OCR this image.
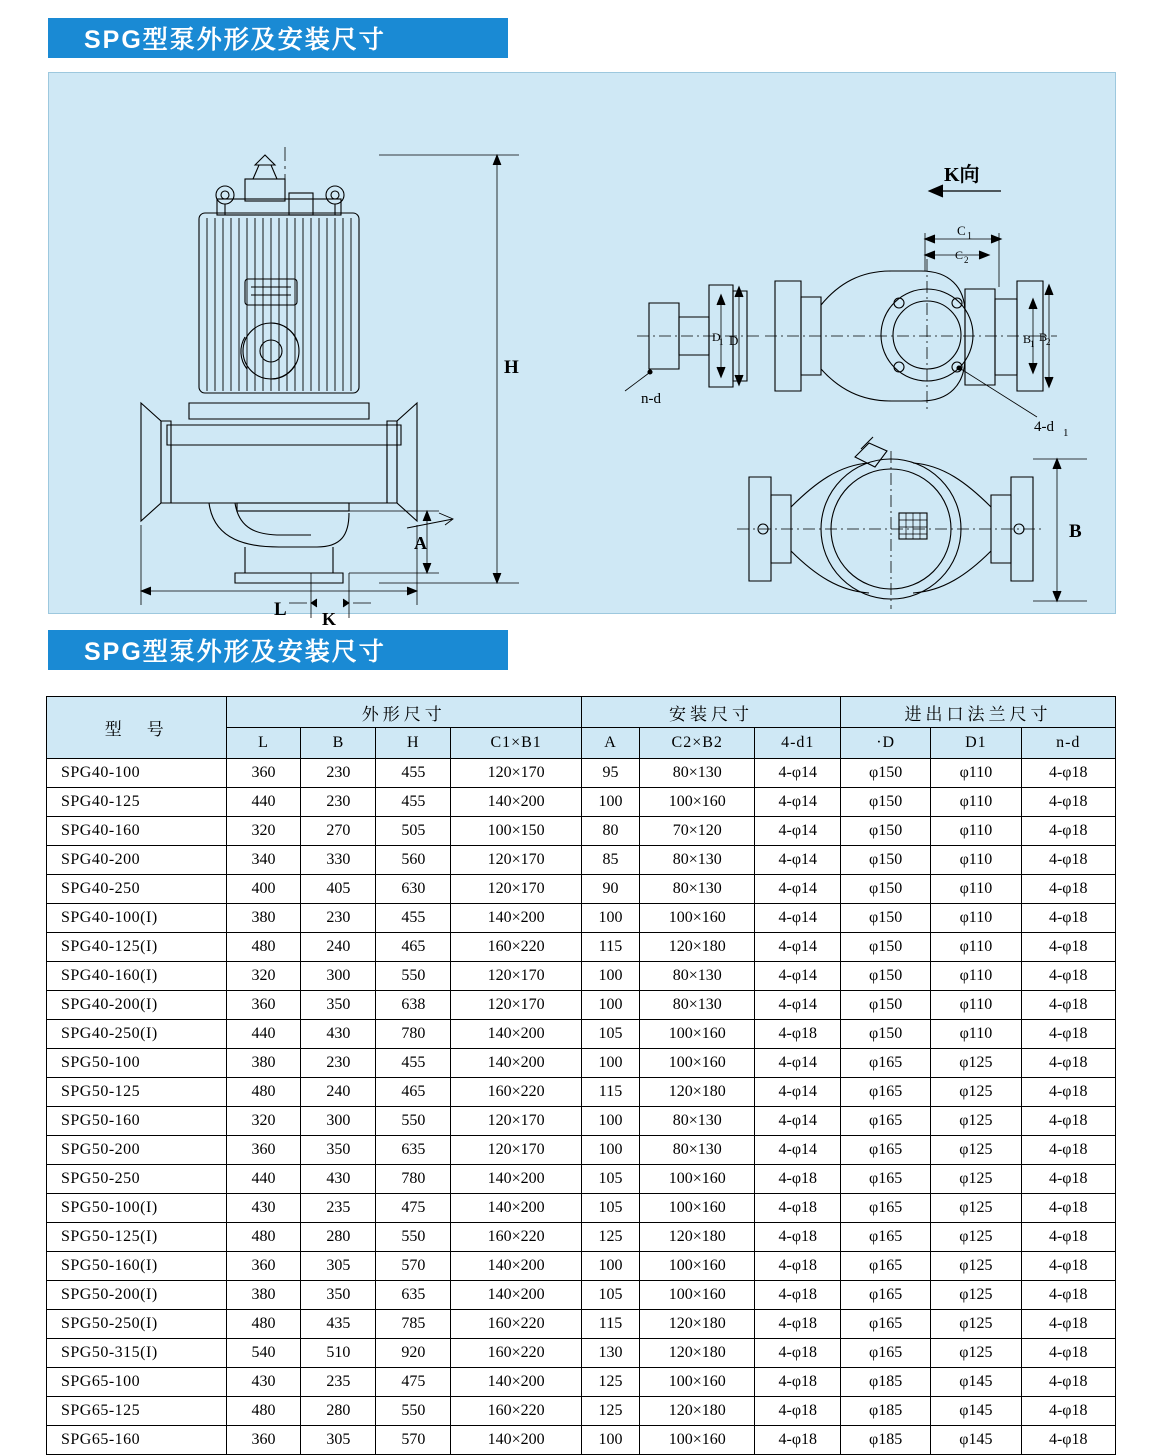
SPG型泵外形及安装尺寸
H
L
A
K
B
K向
n-d
4-d 1
C 1
C 2
B
1 B
2
D
1 D
SPG型泵外形及安装尺寸
型　号	外形尺寸				安装尺寸			进出口法兰尺寸		
	L	B	H	C1×B1	A	C2×B2	4-d1	·D	D1	n-d
SPG40-100	360	230	455	120×170	95	80×130	4-φ14	φ150	φ110	4-φ18
SPG40-125	440	230	455	140×200	100	100×160	4-φ14	φ150	φ110	4-φ18
SPG40-160	320	270	505	100×150	80	70×120	4-φ14	φ150	φ110	4-φ18
SPG40-200	340	330	560	120×170	85	80×130	4-φ14	φ150	φ110	4-φ18
SPG40-250	400	405	630	120×170	90	80×130	4-φ14	φ150	φ110	4-φ18
SPG40-100(I)	380	230	455	140×200	100	100×160	4-φ14	φ150	φ110	4-φ18
SPG40-125(I)	480	240	465	160×220	115	120×180	4-φ14	φ150	φ110	4-φ18
SPG40-160(I)	320	300	550	120×170	100	80×130	4-φ14	φ150	φ110	4-φ18
SPG40-200(I)	360	350	638	120×170	100	80×130	4-φ14	φ150	φ110	4-φ18
SPG40-250(I)	440	430	780	140×200	105	100×160	4-φ18	φ150	φ110	4-φ18
SPG50-100	380	230	455	140×200	100	100×160	4-φ14	φ165	φ125	4-φ18
SPG50-125	480	240	465	160×220	115	120×180	4-φ14	φ165	φ125	4-φ18
SPG50-160	320	300	550	120×170	100	80×130	4-φ14	φ165	φ125	4-φ18
SPG50-200	360	350	635	120×170	100	80×130	4-φ14	φ165	φ125	4-φ18
SPG50-250	440	430	780	140×200	105	100×160	4-φ18	φ165	φ125	4-φ18
SPG50-100(I)	430	235	475	140×200	105	100×160	4-φ18	φ165	φ125	4-φ18
SPG50-125(I)	480	280	550	160×220	125	120×180	4-φ18	φ165	φ125	4-φ18
SPG50-160(I)	360	305	570	140×200	100	100×160	4-φ18	φ165	φ125	4-φ18
SPG50-200(I)	380	350	635	140×200	105	100×160	4-φ18	φ165	φ125	4-φ18
SPG50-250(I)	480	435	785	160×220	115	120×180	4-φ18	φ165	φ125	4-φ18
SPG50-315(I)	540	510	920	160×220	130	120×180	4-φ18	φ165	φ125	4-φ18
SPG65-100	430	235	475	140×200	125	100×160	4-φ18	φ185	φ145	4-φ18
SPG65-125	480	280	550	160×220	125	120×180	4-φ18	φ185	φ145	4-φ18
SPG65-160	360	305	570	140×200	100	100×160	4-φ18	φ185	φ145	4-φ18
